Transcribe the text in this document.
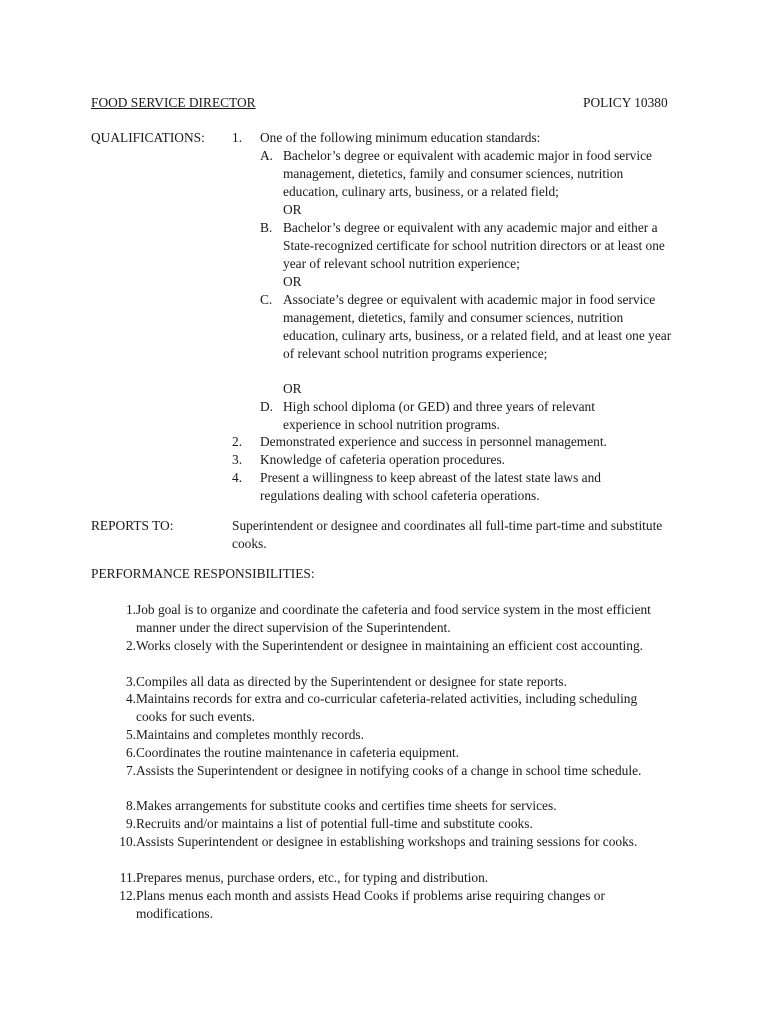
FOOD SERVICE DIRECTOR	POLICY 10380
QUALIFICATIONS: 1. One of the following minimum education standards:
A. Bachelor’s degree or equivalent with academic major in food service management, dietetics, family and consumer sciences, nutrition education, culinary arts, business, or a related field;
OR
B. Bachelor’s degree or equivalent with any academic major and either a State-recognized certificate for school nutrition directors or at least one year of relevant school nutrition experience;
OR
C. Associate’s degree or equivalent with academic major in food service management, dietetics, family and consumer sciences, nutrition education, culinary arts, business, or a related field, and at least one year of relevant school nutrition programs experience;
OR
D. High school diploma (or GED) and three years of relevant experience in school nutrition programs.
2. Demonstrated experience and success in personnel management.
3. Knowledge of cafeteria operation procedures.
4. Present a willingness to keep abreast of the latest state laws and regulations dealing with school cafeteria operations.
REPORTS TO:	Superintendent or designee and coordinates all full-time part-time and substitute cooks.
PERFORMANCE RESPONSIBILITIES:
1. Job goal is to organize and coordinate the cafeteria and food service system in the most efficient manner under the direct supervision of the Superintendent.
2. Works closely with the Superintendent or designee in maintaining an efficient cost accounting.
3. Compiles all data as directed by the Superintendent or designee for state reports.
4. Maintains records for extra and co-curricular cafeteria-related activities, including scheduling cooks for such events.
5. Maintains and completes monthly records.
6. Coordinates the routine maintenance in cafeteria equipment.
7. Assists the Superintendent or designee in notifying cooks of a change in school time schedule.
8. Makes arrangements for substitute cooks and certifies time sheets for services.
9. Recruits and/or maintains a list of potential full-time and substitute cooks.
10. Assists Superintendent or designee in establishing workshops and training sessions for cooks.
11. Prepares menus, purchase orders, etc., for typing and distribution.
12. Plans menus each month and assists Head Cooks if problems arise requiring changes or modifications.
